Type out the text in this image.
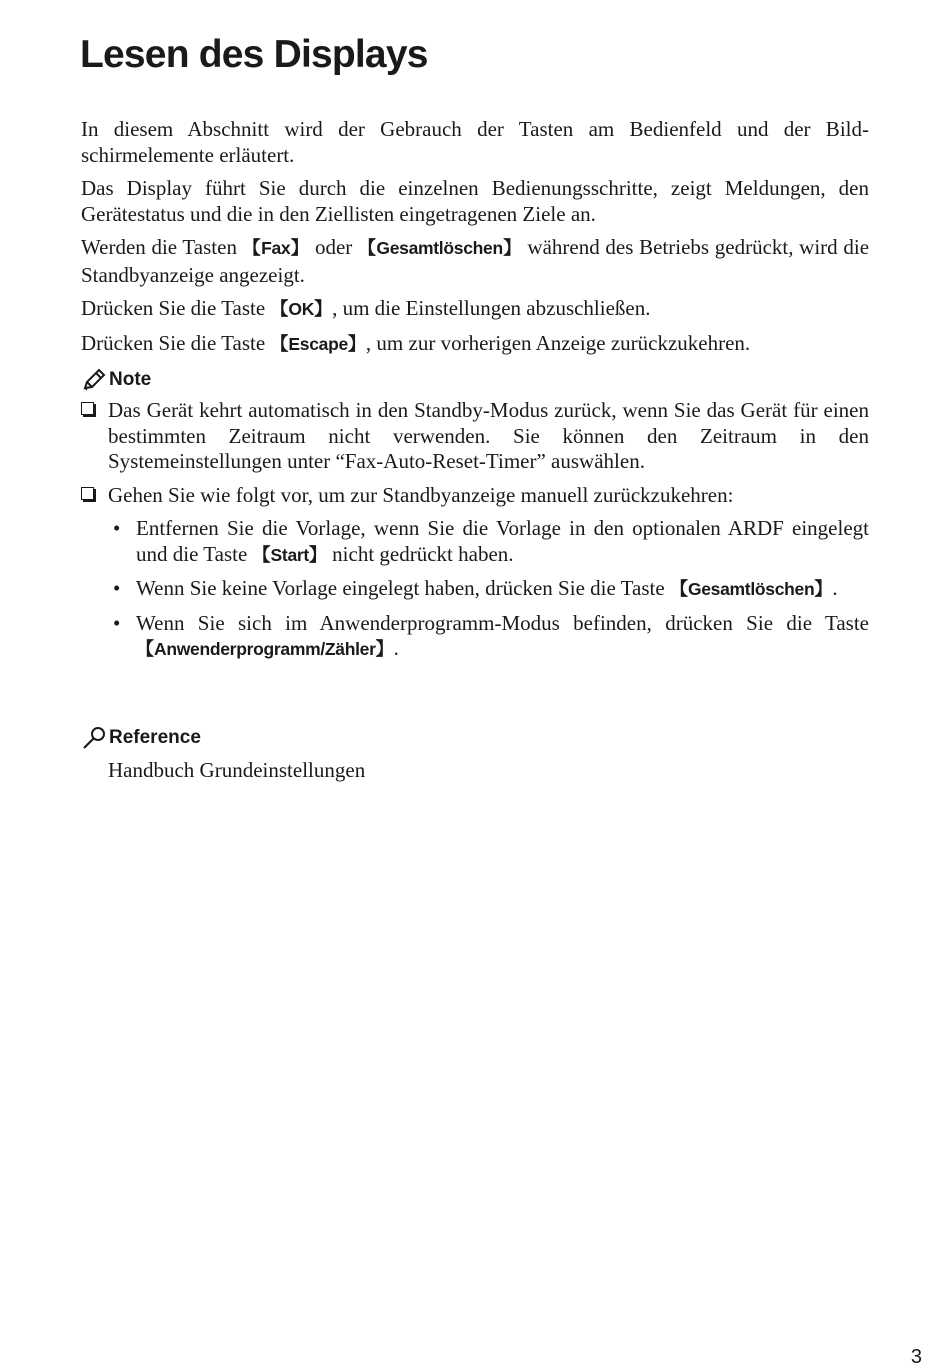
Lesen des Displays

In diesem Abschnitt wird der Gebrauch der Tasten am Bedienfeld und der Bildschirmelemente erläutert.

Das Display führt Sie durch die einzelnen Bedienungsschritte, zeigt Meldungen, den Gerätestatus und die in den Ziellisten eingetragenen Ziele an.

Werden die Tasten 【Fax】 oder 【Gesamtlöschen】 während des Betriebs gedrückt, wird die Standbyanzeige angezeigt.

Drücken Sie die Taste 【OK】, um die Einstellungen abzuschließen.

Drücken Sie die Taste 【Escape】, um zur vorherigen Anzeige zurückzukehren.

Note
Das Gerät kehrt automatisch in den Standby-Modus zurück, wenn Sie das Gerät für einen bestimmten Zeitraum nicht verwenden. Sie können den Zeitraum in den Systemeinstellungen unter “Fax-Auto-Reset-Timer” auswählen.
Gehen Sie wie folgt vor, um zur Standbyanzeige manuell zurückzukehren:
• Entfernen Sie die Vorlage, wenn Sie die Vorlage in den optionalen ARDF eingelegt und die Taste 【Start】 nicht gedrückt haben.
• Wenn Sie keine Vorlage eingelegt haben, drücken Sie die Taste 【Gesamtlöschen】.
• Wenn Sie sich im Anwenderprogramm-Modus befinden, drücken Sie die Taste 【Anwenderprogramm/Zähler】.
Reference
Handbuch Grundeinstellungen
3
